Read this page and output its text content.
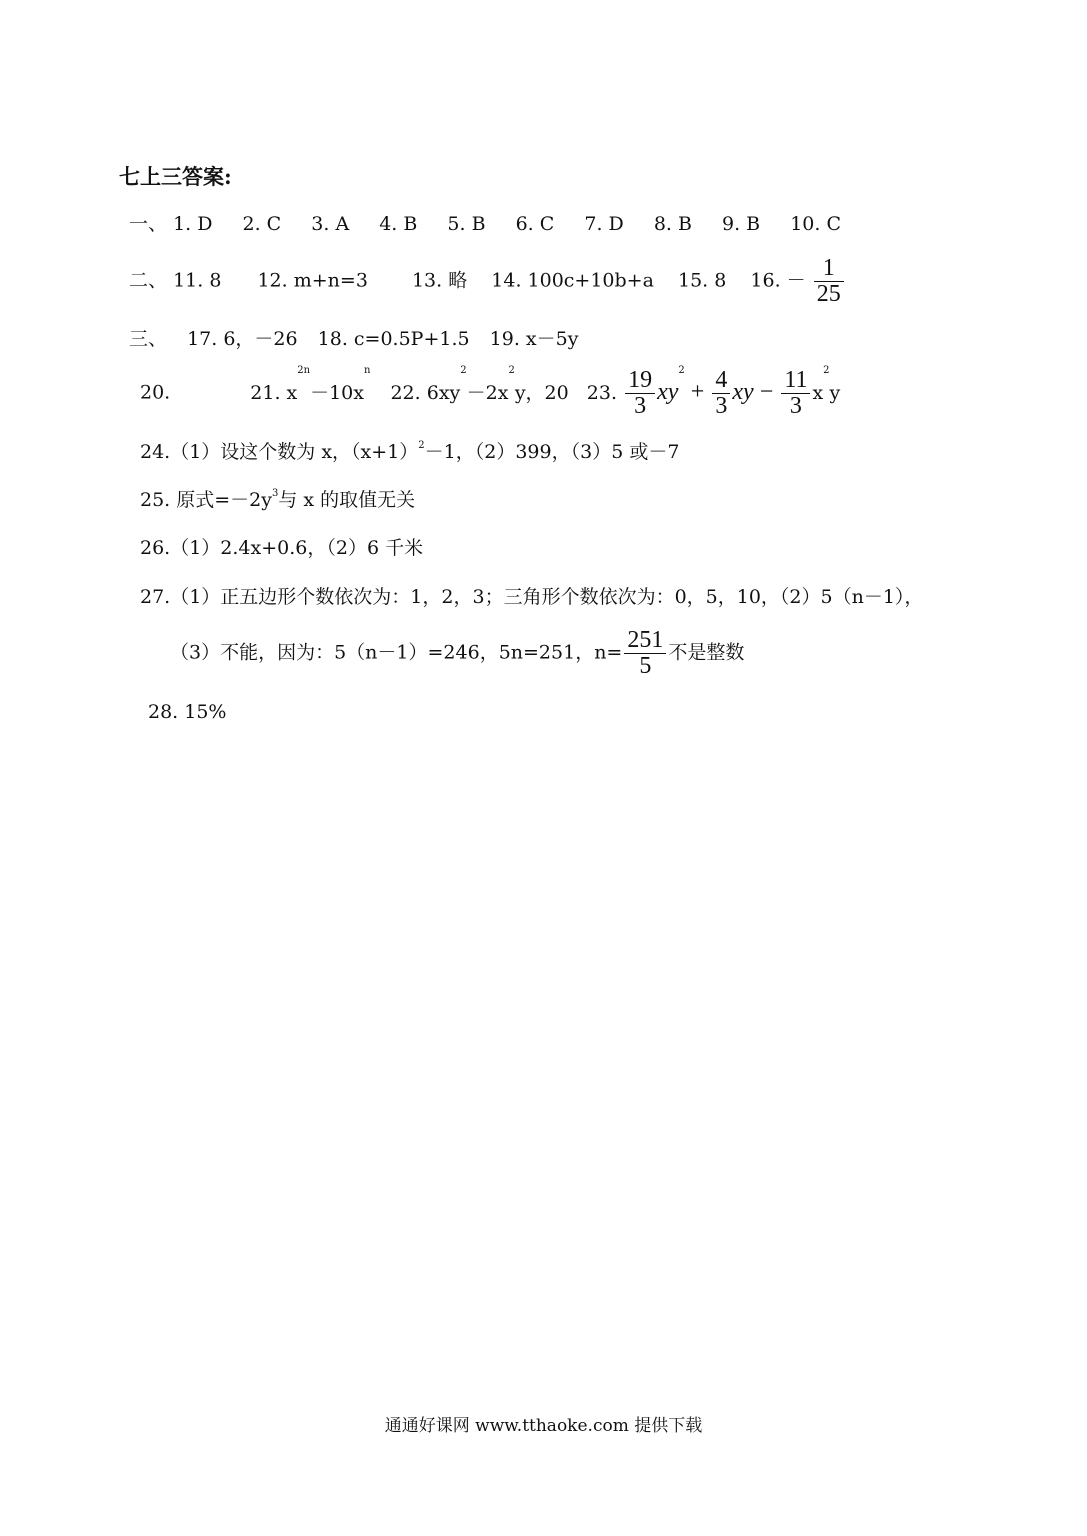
七上三答案:
一、 1. D 2. C 3. A 4. B 5. B 6. C 7. D 8. B 9. B 10. C
二、 11. 8 12. m+n=3 13. 略 14. 100c+10b+a 15. 8 16. － $\frac{1}{25}$
三、 17. 6，－26 18. c=0.5P+1.5 19. x－5y
20.	21. $x^{2n}-10x^n$ 22. $6xy^2-2x^2y$，20 23. $\frac{19}{3} xy^2 + \frac{4}{3}$ xy − $\frac{11}{3} x^2y$
24.（1）设这个数为 x，$(x+1)^2-1$，（2）399，（3）5 或－7
25. 原式$=-2y^3$与 x 的取值无关
26.（1）2.4x+0.6，（2）6 千米
27.（1）正五边形个数依次为：1，2，3；三角形个数依次为：0，5，10，（2）5（n－1），
（3）不能，因为：5（n－1）=246，5n=251，$n= \frac{251}{5}$ 不是整数
28. 15%
通通好课网 www.tthaoke.com 提供下载
